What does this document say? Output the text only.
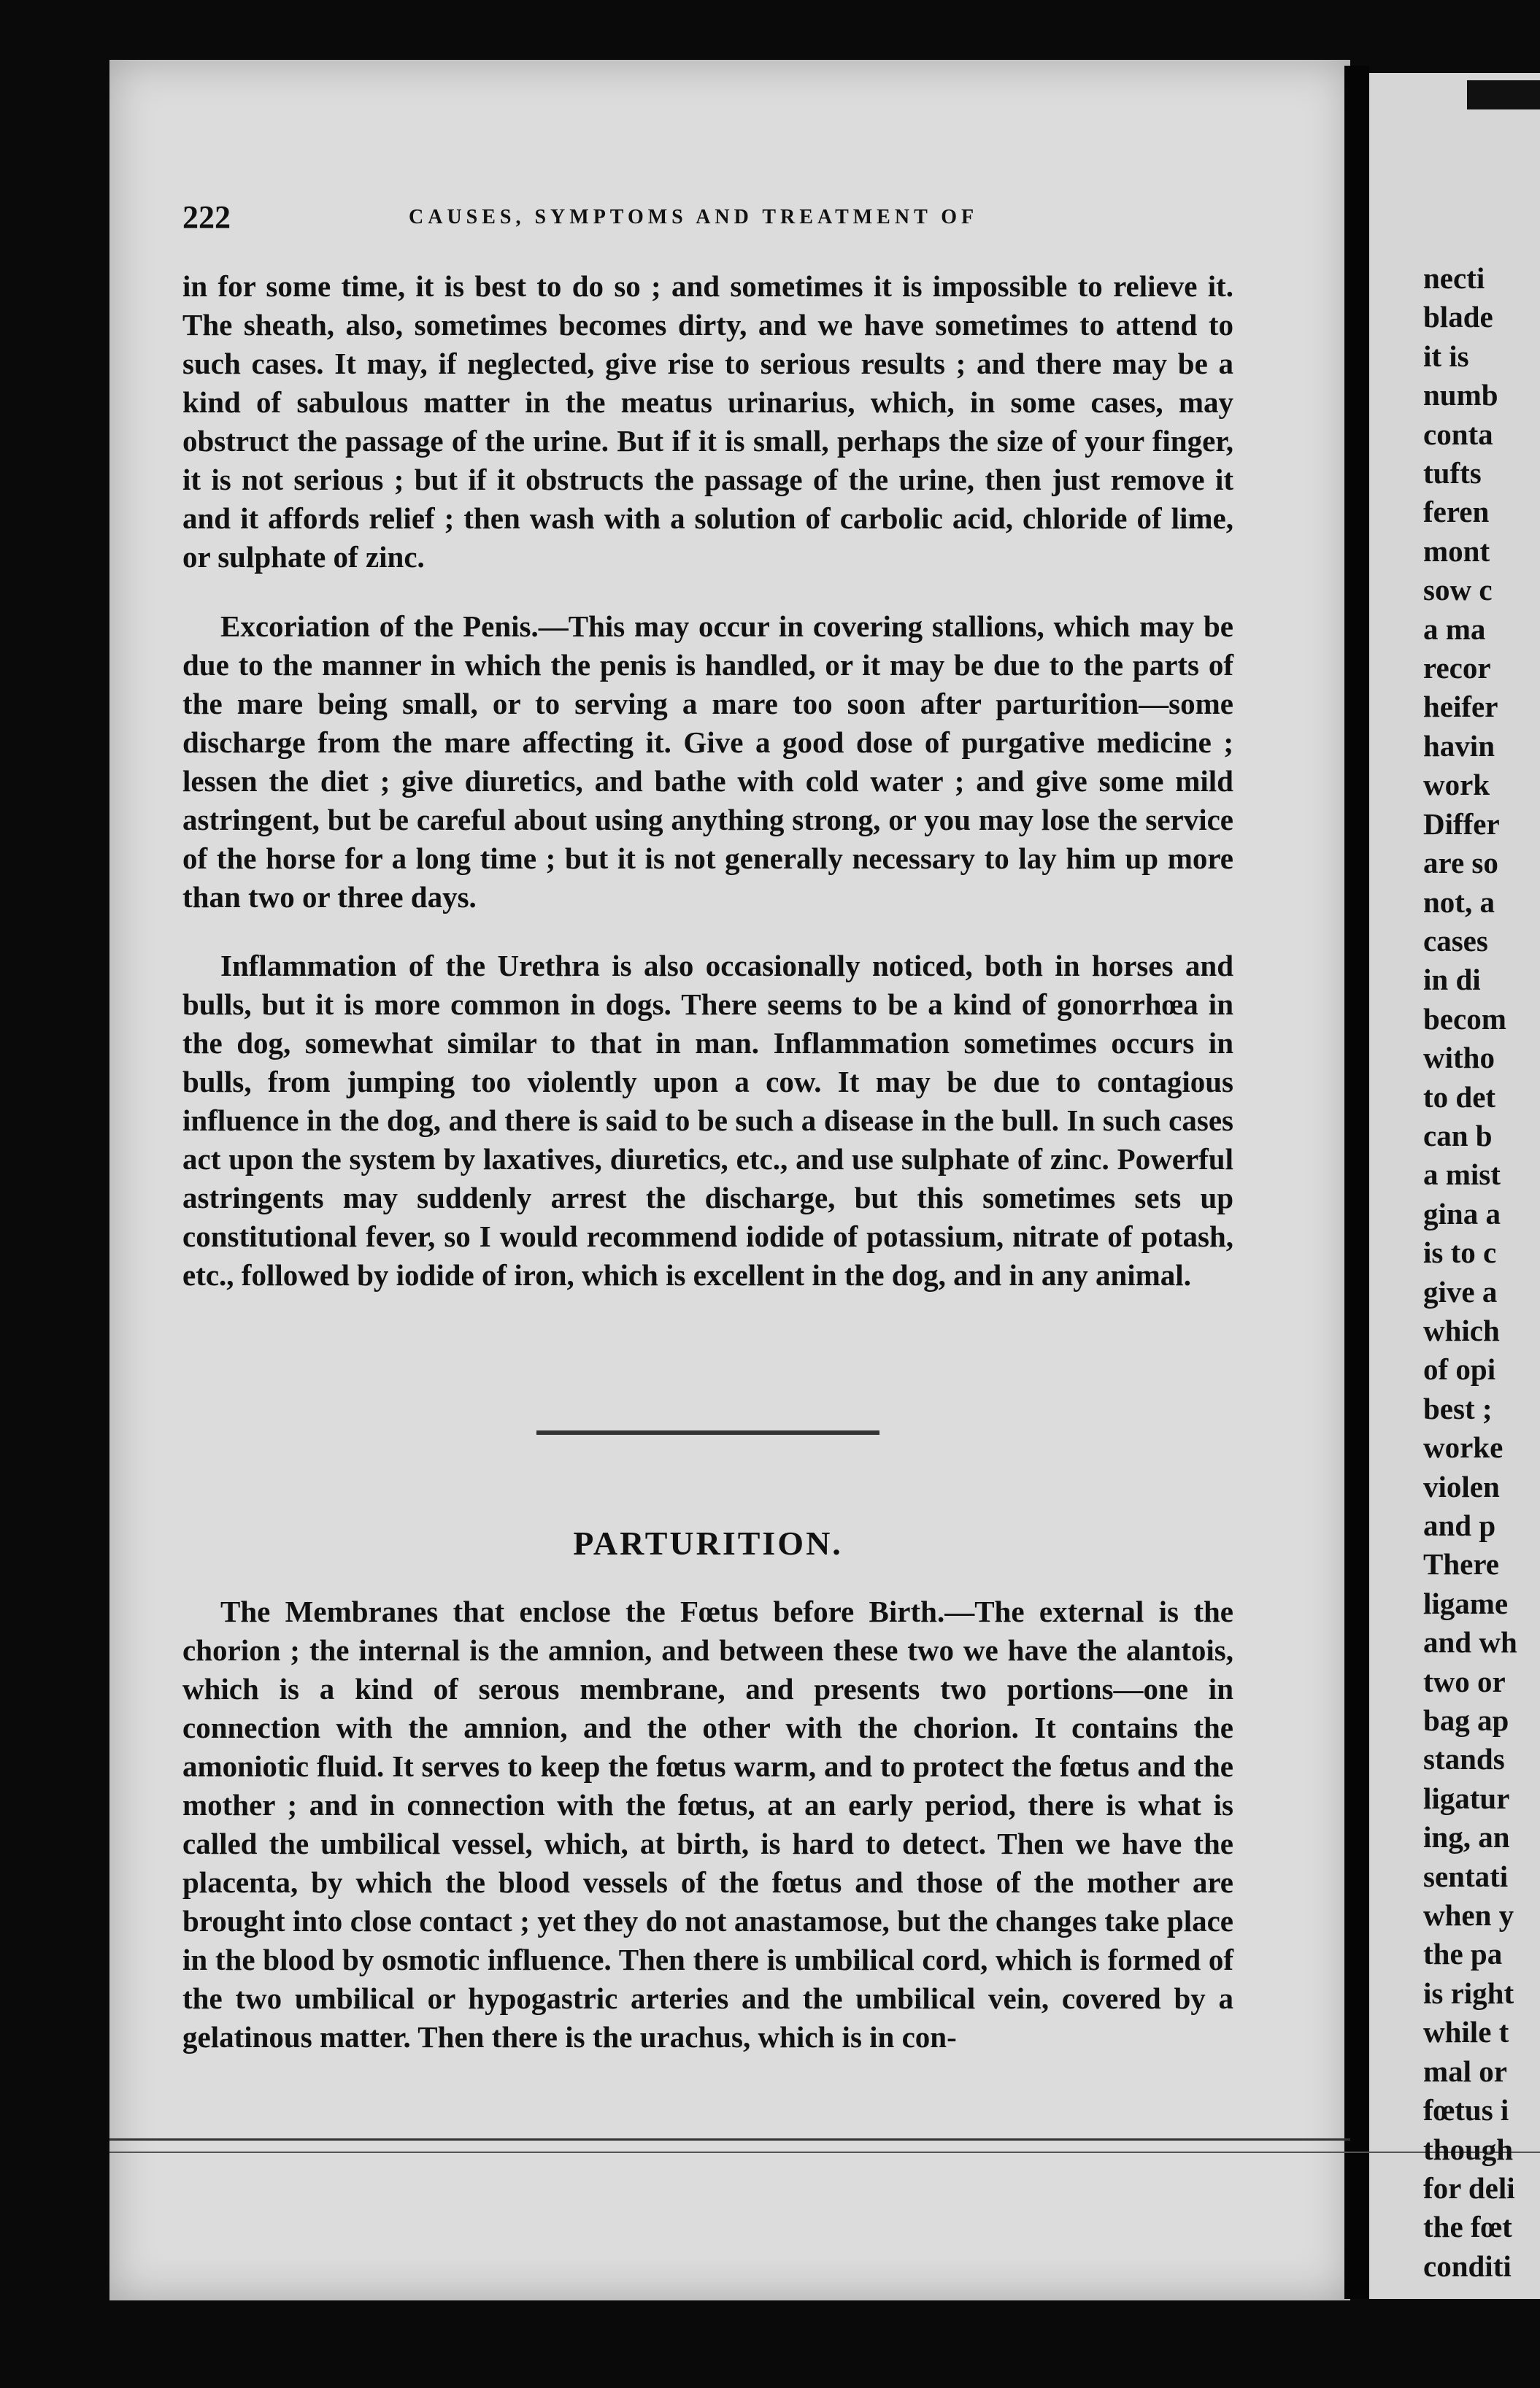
222	CAUSES, SYMPTOMS AND TREATMENT OF

in for some time, it is best to do so ; and sometimes it is impossible to relieve it. The sheath, also, sometimes becomes dirty, and we have sometimes to attend to such cases. It may, if neglected, give rise to serious results ; and there may be a kind of sabulous matter in the meatus urinarius, which, in some cases, may obstruct the passage of the urine. But if it is small, perhaps the size of your finger, it is not serious ; but if it obstructs the passage of the urine, then just remove it and it affords relief ; then wash with a solution of carbolic acid, chloride of lime, or sulphate of zinc.

Excoriation of the Penis.—This may occur in covering stallions, which may be due to the manner in which the penis is handled, or it may be due to the parts of the mare being small, or to serving a mare too soon after parturition—some discharge from the mare affecting it. Give a good dose of purgative medicine ; lessen the diet ; give diuretics, and bathe with cold water ; and give some mild astringent, but be careful about using anything strong, or you may lose the service of the horse for a long time ; but it is not generally necessary to lay him up more than two or three days.

Inflammation of the Urethra is also occasionally noticed, both in horses and bulls, but it is more common in dogs. There seems to be a kind of gonorrhœa in the dog, somewhat similar to that in man. Inflammation sometimes occurs in bulls, from jumping too violently upon a cow. It may be due to contagious influence in the dog, and there is said to be such a disease in the bull. In such cases act upon the system by laxatives, diuretics, etc., and use sulphate of zinc. Powerful astringents may suddenly arrest the discharge, but this sometimes sets up constitutional fever, so I would recommend iodide of potassium, nitrate of potash, etc., followed by iodide of iron, which is excellent in the dog, and in any animal.

PARTURITION.

The Membranes that enclose the Fœtus before Birth.—The external is the chorion ; the internal is the amnion, and between these two we have the alantois, which is a kind of serous membrane, and presents two portions—one in connection with the amnion, and the other with the chorion. It contains the amoniotic fluid. It serves to keep the fœtus warm, and to protect the fœtus and the mother ; and in connection with the fœtus, at an early period, there is what is called the umbilical vessel, which, at birth, is hard to detect. Then we have the placenta, by which the blood vessels of the fœtus and those of the mother are brought into close contact ; yet they do not anastamose, but the changes take place in the blood by osmotic influence. Then there is umbilical cord, which is formed of the two umbilical or hypogastric arteries and the umbilical vein, covered by a gelatinous matter. Then there is the urachus, which is in con-

necti
blade
it is
numb
conta
tufts
feren
mont
sow c
a ma
recor
heifer
havin
work
Differ
are so
not, a
cases
in di
becom
witho
to det
can b
a mist
gina a
is to c
give a
which
of opi
best ;
worke
violen
and p
There
ligame
and wh
two or
bag ap
stands
ligatur
ing, an
sentati
when y
the pa
is right
while t
mal or
fœtus i
though
for deli
the fœt
conditi
